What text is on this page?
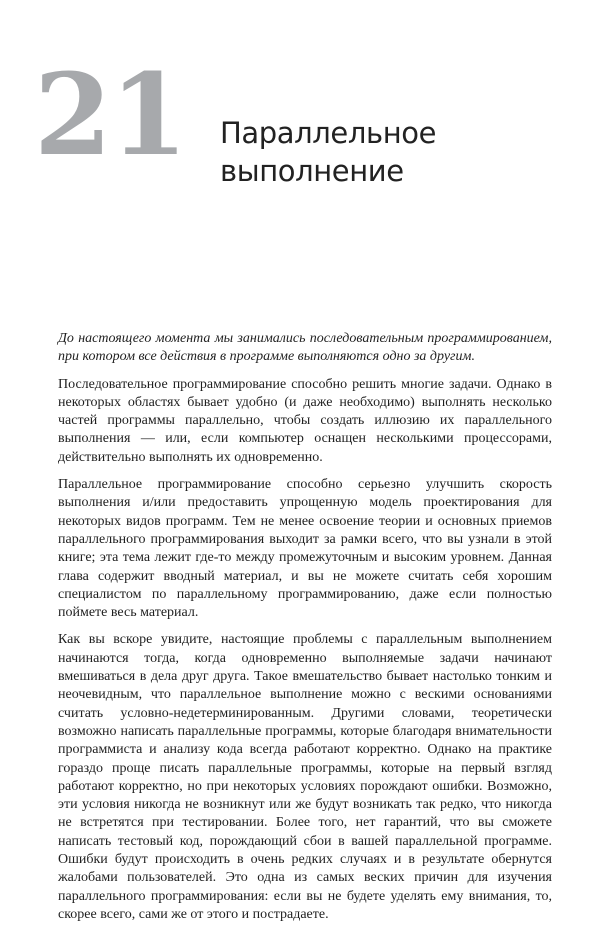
21 Параллельное
выполнение

До настоящего момента мы занимались последовательным программированием, при котором все действия в программе выполняются одно за другим.

Последовательное программирование способно решить многие задачи. Однако в некоторых областях бывает удобно (и даже необходимо) выполнять несколько частей программы параллельно, чтобы создать иллюзию их параллельного выполнения — или, если компьютер оснащен несколькими процессорами, действительно выполнять их одновременно.

Параллельное программирование способно серьезно улучшить скорость выполнения и/или предоставить упрощенную модель проектирования для некоторых видов программ. Тем не менее освоение теории и основных приемов параллельного программирования выходит за рамки всего, что вы узнали в этой книге; эта тема лежит где-то между промежуточным и высоким уровнем. Данная глава содержит вводный материал, и вы не можете считать себя хорошим специалистом по параллельному программированию, даже если полностью поймете весь материал.

Как вы вскоре увидите, настоящие проблемы с параллельным выполнением начинаются тогда, когда одновременно выполняемые задачи начинают вмешиваться в дела друг друга. Такое вмешательство бывает настолько тонким и неочевидным, что параллельное выполнение можно с вескими основаниями считать условно-недетерминированным. Другими словами, теоретически возможно написать параллельные программы, которые благодаря внимательности программиста и анализу кода всегда работают корректно. Однако на практике гораздо проще писать параллельные программы, которые на первый взгляд работают корректно, но при некоторых условиях порождают ошибки. Возможно, эти условия никогда не возникнут или же будут возникать так редко, что никогда не встретятся при тестировании. Более того, нет гарантий, что вы сможете написать тестовый код, порождающий сбои в вашей параллельной программе. Ошибки будут происходить в очень редких случаях и в результате обернутся жалобами пользователей. Это одна из самых веских причин для изучения параллельного программирования: если вы не будете уделять ему внимания, то, скорее всего, сами же от этого и пострадаете.
